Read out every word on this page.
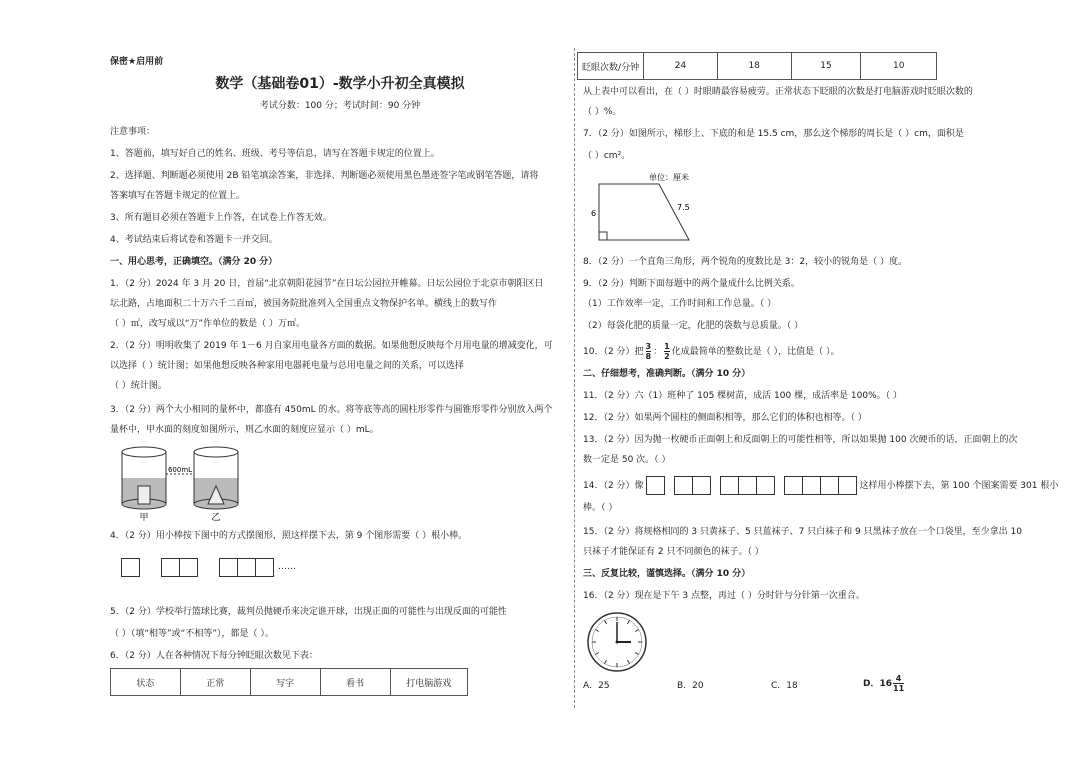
保密★启用前
数学（基础卷01）-数学小升初全真模拟
考试分数：100 分；考试时间：90 分钟
注意事项：
1、答题前，填写好自己的姓名、班级、考号等信息，请写在答题卡规定的位置上。
2、选择题、判断题必须使用 2B 铅笔填涂答案，非选择、判断题必须使用黑色墨迹签字笔或钢笔答题，请将
答案填写在答题卡规定的位置上。
3、所有题目必须在答题卡上作答，在试卷上作答无效。
4、考试结束后将试卷和答题卡一并交回。
一、用心思考，正确填空。（满分 20 分）
1．（2 分）2024 年 3 月 20 日，首届“北京朝阳花园节”在日坛公园拉开帷幕。日坛公园位于北京市朝阳区日
坛北路，占地面积二十万六千二百㎡，被国务院批准列入全国重点文物保护名单。横线上的数写作
（ ）㎡，改写成以“万”作单位的数是（ ）万㎡。
2．（2 分）明明收集了 2019 年 1－6 月自家用电量各方面的数据。如果他想反映每个月用电量的增减变化，可
以选择（ ）统计图；如果他想反映各种家用电器耗电量与总用电量之间的关系，可以选择
（ ）统计图。
3．（2 分）两个大小相同的量杯中，都盛有 450mL 的水。将等底等高的圆柱形零件与圆锥形零件分别放入两个
量杯中，甲水面的刻度如图所示，则乙水面的刻度应显示（ ）mL。
600mL
甲	乙
4．（2 分）用小棒按下图中的方式摆图形，照这样摆下去，第 9 个图形需要（ ）根小棒。
……
5．（2 分）学校举行篮球比赛，裁判员抛硬币来决定谁开球，出现正面的可能性与出现反面的可能性
（ ）（填“相等”或“不相等”），都是（ ）。
6．（2 分）人在各种情况下每分钟眨眼次数见下表：
状态	正常	写字	看书	打电脑游戏
眨眼次数/分钟	24	18	15	10
从上表中可以看出，在（ ）时眼睛最容易疲劳。正常状态下眨眼的次数是打电脑游戏时眨眼次数的
（ ）%。
7．（2 分）如图所示，梯形上、下底的和是 15.5 cm，那么这个梯形的周长是（ ）cm，面积是
（ ）cm²。
单位：厘米
7.5
6
8．（2 分）一个直角三角形，两个锐角的度数比是 3：2，较小的锐角是（ ）度。
9．（2 分）判断下面每题中的两个量成什么比例关系。
（1）工作效率一定，工作时间和工作总量。（ ）
（2）每袋化肥的质量一定，化肥的袋数与总质量。（ ）
10．（2 分）把 $\frac{3}{8}$ ： $\frac{1}{2}$ 化成最简单的整数比是（ ），比值是（ ）。
二、仔细想考，准确判断。（满分 10 分）
11．（2 分）六（1）班种了 105 棵树苗，成活 100 棵，成活率是 100%。（ ）
12．（2 分）如果两个圆柱的侧面积相等，那么它们的体积也相等。（ ）
13．（2 分）因为抛一枚硬币正面朝上和反面朝上的可能性相等，所以如果抛 100 次硬币的话，正面朝上的次
数一定是 50 次。（ ）
14．（2 分）像	这样用小棒摆下去，第 100 个图案需要 301 根小
棒。（ ）
15．（2 分）将规格相同的 3 只黄袜子、5 只蓝袜子、7 只白袜子和 9 只黑袜子放在一个口袋里，至少拿出 10
只袜子才能保证有 2 只不同颜色的袜子。（ ）
三、反复比较，谨慎选择。（满分 10 分）
16．（2 分）现在是下午 3 点整，再过（ ）分时针与分针第一次重合。
A．25	B．20	C．18	D．$16 \frac{4}{11}$
